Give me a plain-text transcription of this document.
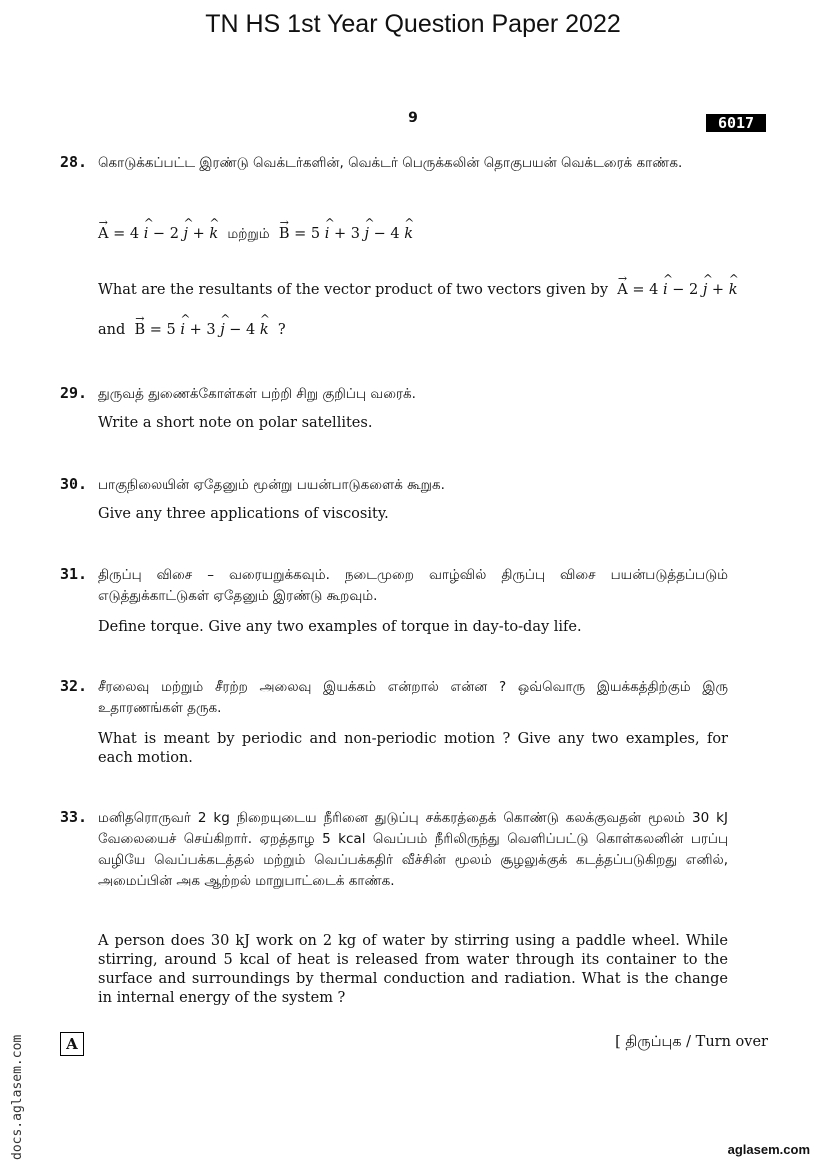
TN HS 1st Year Question Paper 2022
9	6017
28. கொடுக்கப்பட்ட இரண்டு வெக்டர்களின், வெக்டர் பெருக்கலின் தொகுபயன் வெக்டரைக் காண்க.
→ A = 4 ^ i − 2 ^ j + ^ k மற்றும் → B = 5 ^ i + 3 ^ j − 4 ^ k
What are the resultants of the vector product of two vectors given by → A = 4 ^ i − 2 ^ j + ^ k
and → B = 5 ^ i + 3 ^ j − 4 ^ k ?
29. துருவத் துணைக்கோள்கள் பற்றி சிறு குறிப்பு வரைக்.
Write a short note on polar satellites.
30. பாகுநிலையின் ஏதேனும் மூன்று பயன்பாடுகளைக் கூறுக.
Give any three applications of viscosity.
31. திருப்பு விசை – வரையறுக்கவும். நடைமுறை வாழ்வில் திருப்பு விசை பயன்படுத்தப்படும் எடுத்துக்காட்டுகள் ஏதேனும் இரண்டு கூறவும்.
Define torque. Give any two examples of torque in day-to-day life.
32. சீரலைவு மற்றும் சீரற்ற அலைவு இயக்கம் என்றால் என்ன ? ஒவ்வொரு இயக்கத்திற்கும் இரு உதாரணங்கள் தருக.
What is meant by periodic and non-periodic motion ? Give any two examples, for each motion.
33. மனிதரொருவர் 2 kg நிறையுடைய நீரினை துடுப்பு சக்கரத்தைக் கொண்டு கலக்குவதன் மூலம் 30 kJ வேலையைச் செய்கிறார். ஏறத்தாழ 5 kcal வெப்பம் நீரிலிருந்து வெளிப்பட்டு கொள்கலனின் பரப்பு வழியே வெப்பக்கடத்தல் மற்றும் வெப்பக்கதிர் வீச்சின் மூலம் சூழலுக்குக் கடத்தப்படுகிறது எனில், அமைப்பின் அக ஆற்றல் மாறுபாட்டைக் காண்க.
A person does 30 kJ work on 2 kg of water by stirring using a paddle wheel. While stirring, around 5 kcal of heat is released from water through its container to the surface and surroundings by thermal conduction and radiation. What is the change in internal energy of the system ?
A	[ திருப்புக / Turn over
docs.aglasem.com	aglasem.com
